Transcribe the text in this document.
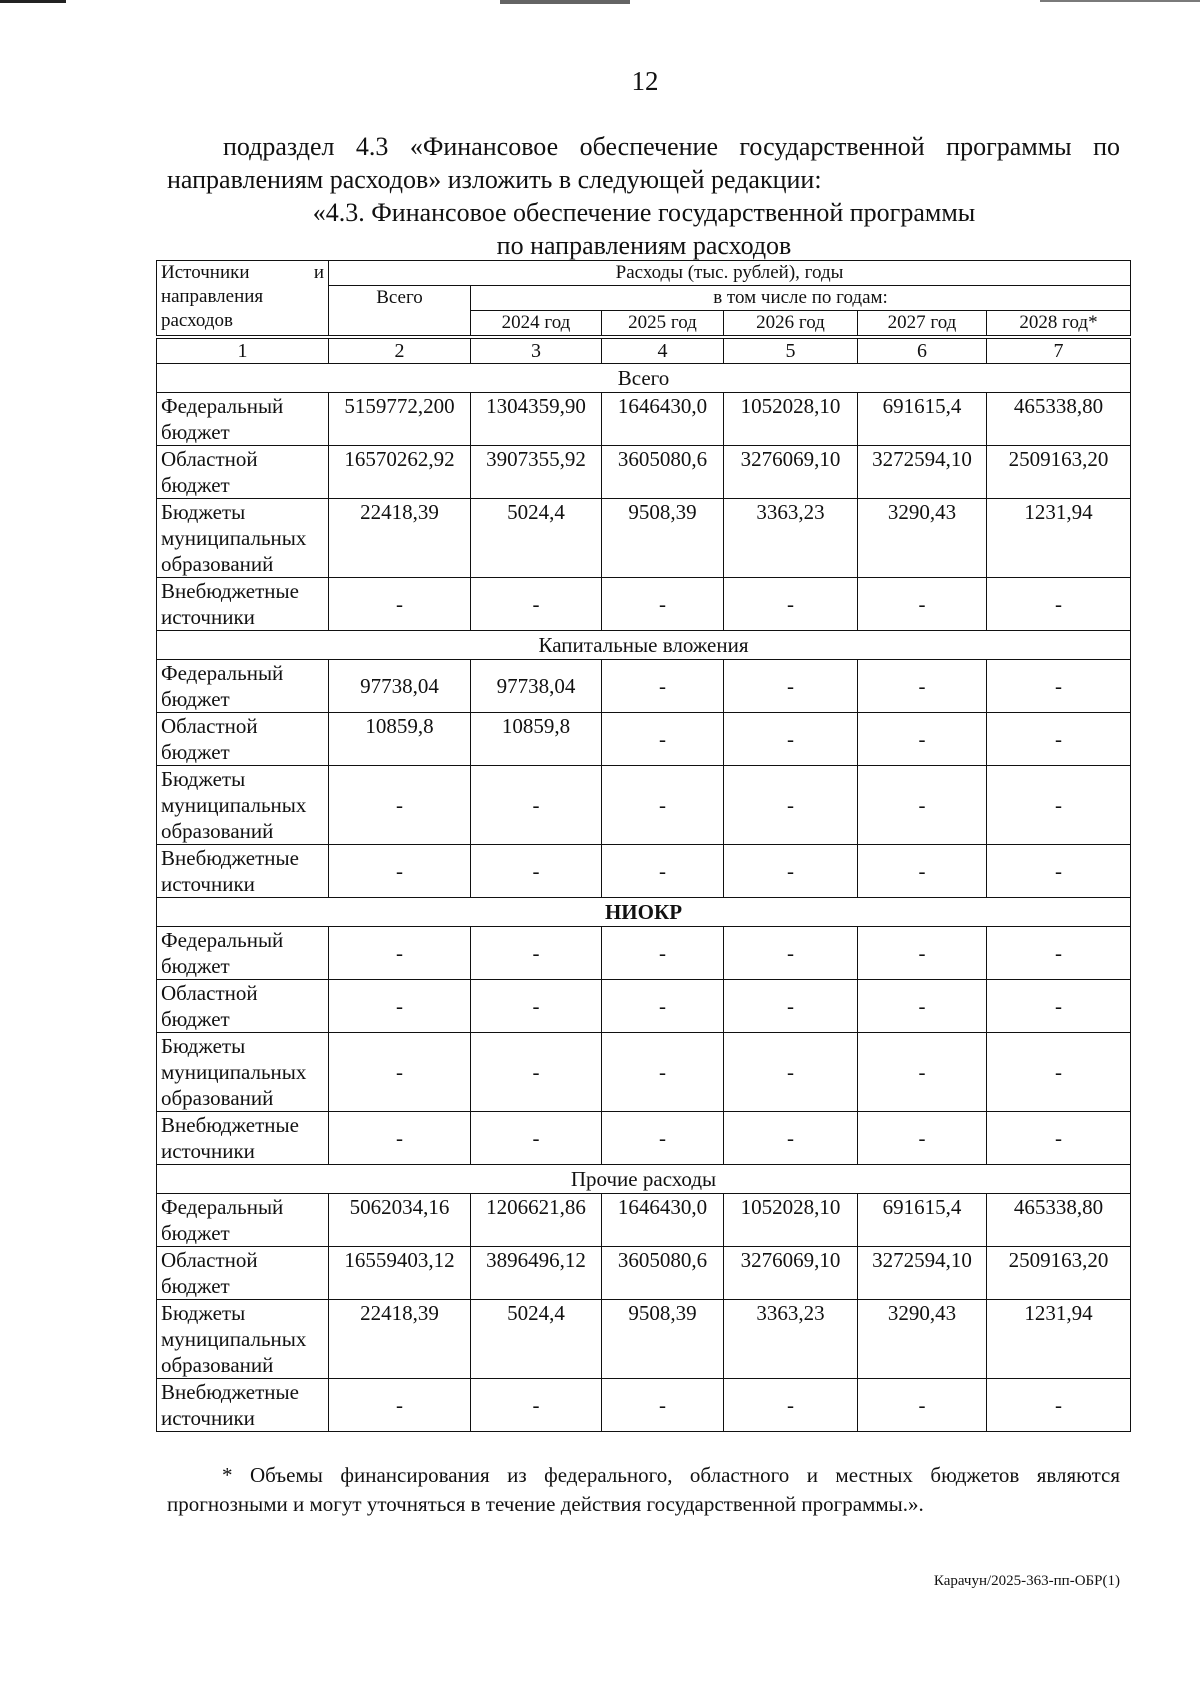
12
подраздел 4.3 «Финансовое обеспечение государственной программы по направлениям расходов» изложить в следующей редакции:
«4.3. Финансовое обеспечение государственной программы
по направлениям расходов
Источники и
направления
расходов	Расходы (тыс. рублей), годы					
	Всего	в том числе по годам:				
		2024 год	2025 год	2026 год	2027 год	2028 год*

1	2	3	4	5	6	7
Всего						
Федеральный бюджет	5159772,200	1304359,90	1646430,0	1052028,10	691615,4	465338,80
Областной бюджет	16570262,92	3907355,92	3605080,6	3276069,10	3272594,10	2509163,20
Бюджеты муниципальных образований	22418,39	5024,4	9508,39	3363,23	3290,43	1231,94
Внебюджетные источники	-	-	-	-	-	-
Капитальные вложения						
Федеральный бюджет	97738,04	97738,04	-	-	-	-
Областной бюджет	10859,8	10859,8	-	-	-	-
Бюджеты муниципальных образований	-	-	-	-	-	-
Внебюджетные источники	-	-	-	-	-	-
НИОКР						
Федеральный бюджет	-	-	-	-	-	-
Областной бюджет	-	-	-	-	-	-
Бюджеты муниципальных образований	-	-	-	-	-	-
Внебюджетные источники	-	-	-	-	-	-
Прочие расходы						
Федеральный бюджет	5062034,16	1206621,86	1646430,0	1052028,10	691615,4	465338,80
Областной бюджет	16559403,12	3896496,12	3605080,6	3276069,10	3272594,10	2509163,20
Бюджеты муниципальных образований	22418,39	5024,4	9508,39	3363,23	3290,43	1231,94
Внебюджетные источники	-	-	-	-	-	-
* Объемы финансирования из федерального, областного и местных бюджетов являются прогнозными и могут уточняться в течение действия государственной программы.».
Карачун/2025-363-пп-ОБР(1)
